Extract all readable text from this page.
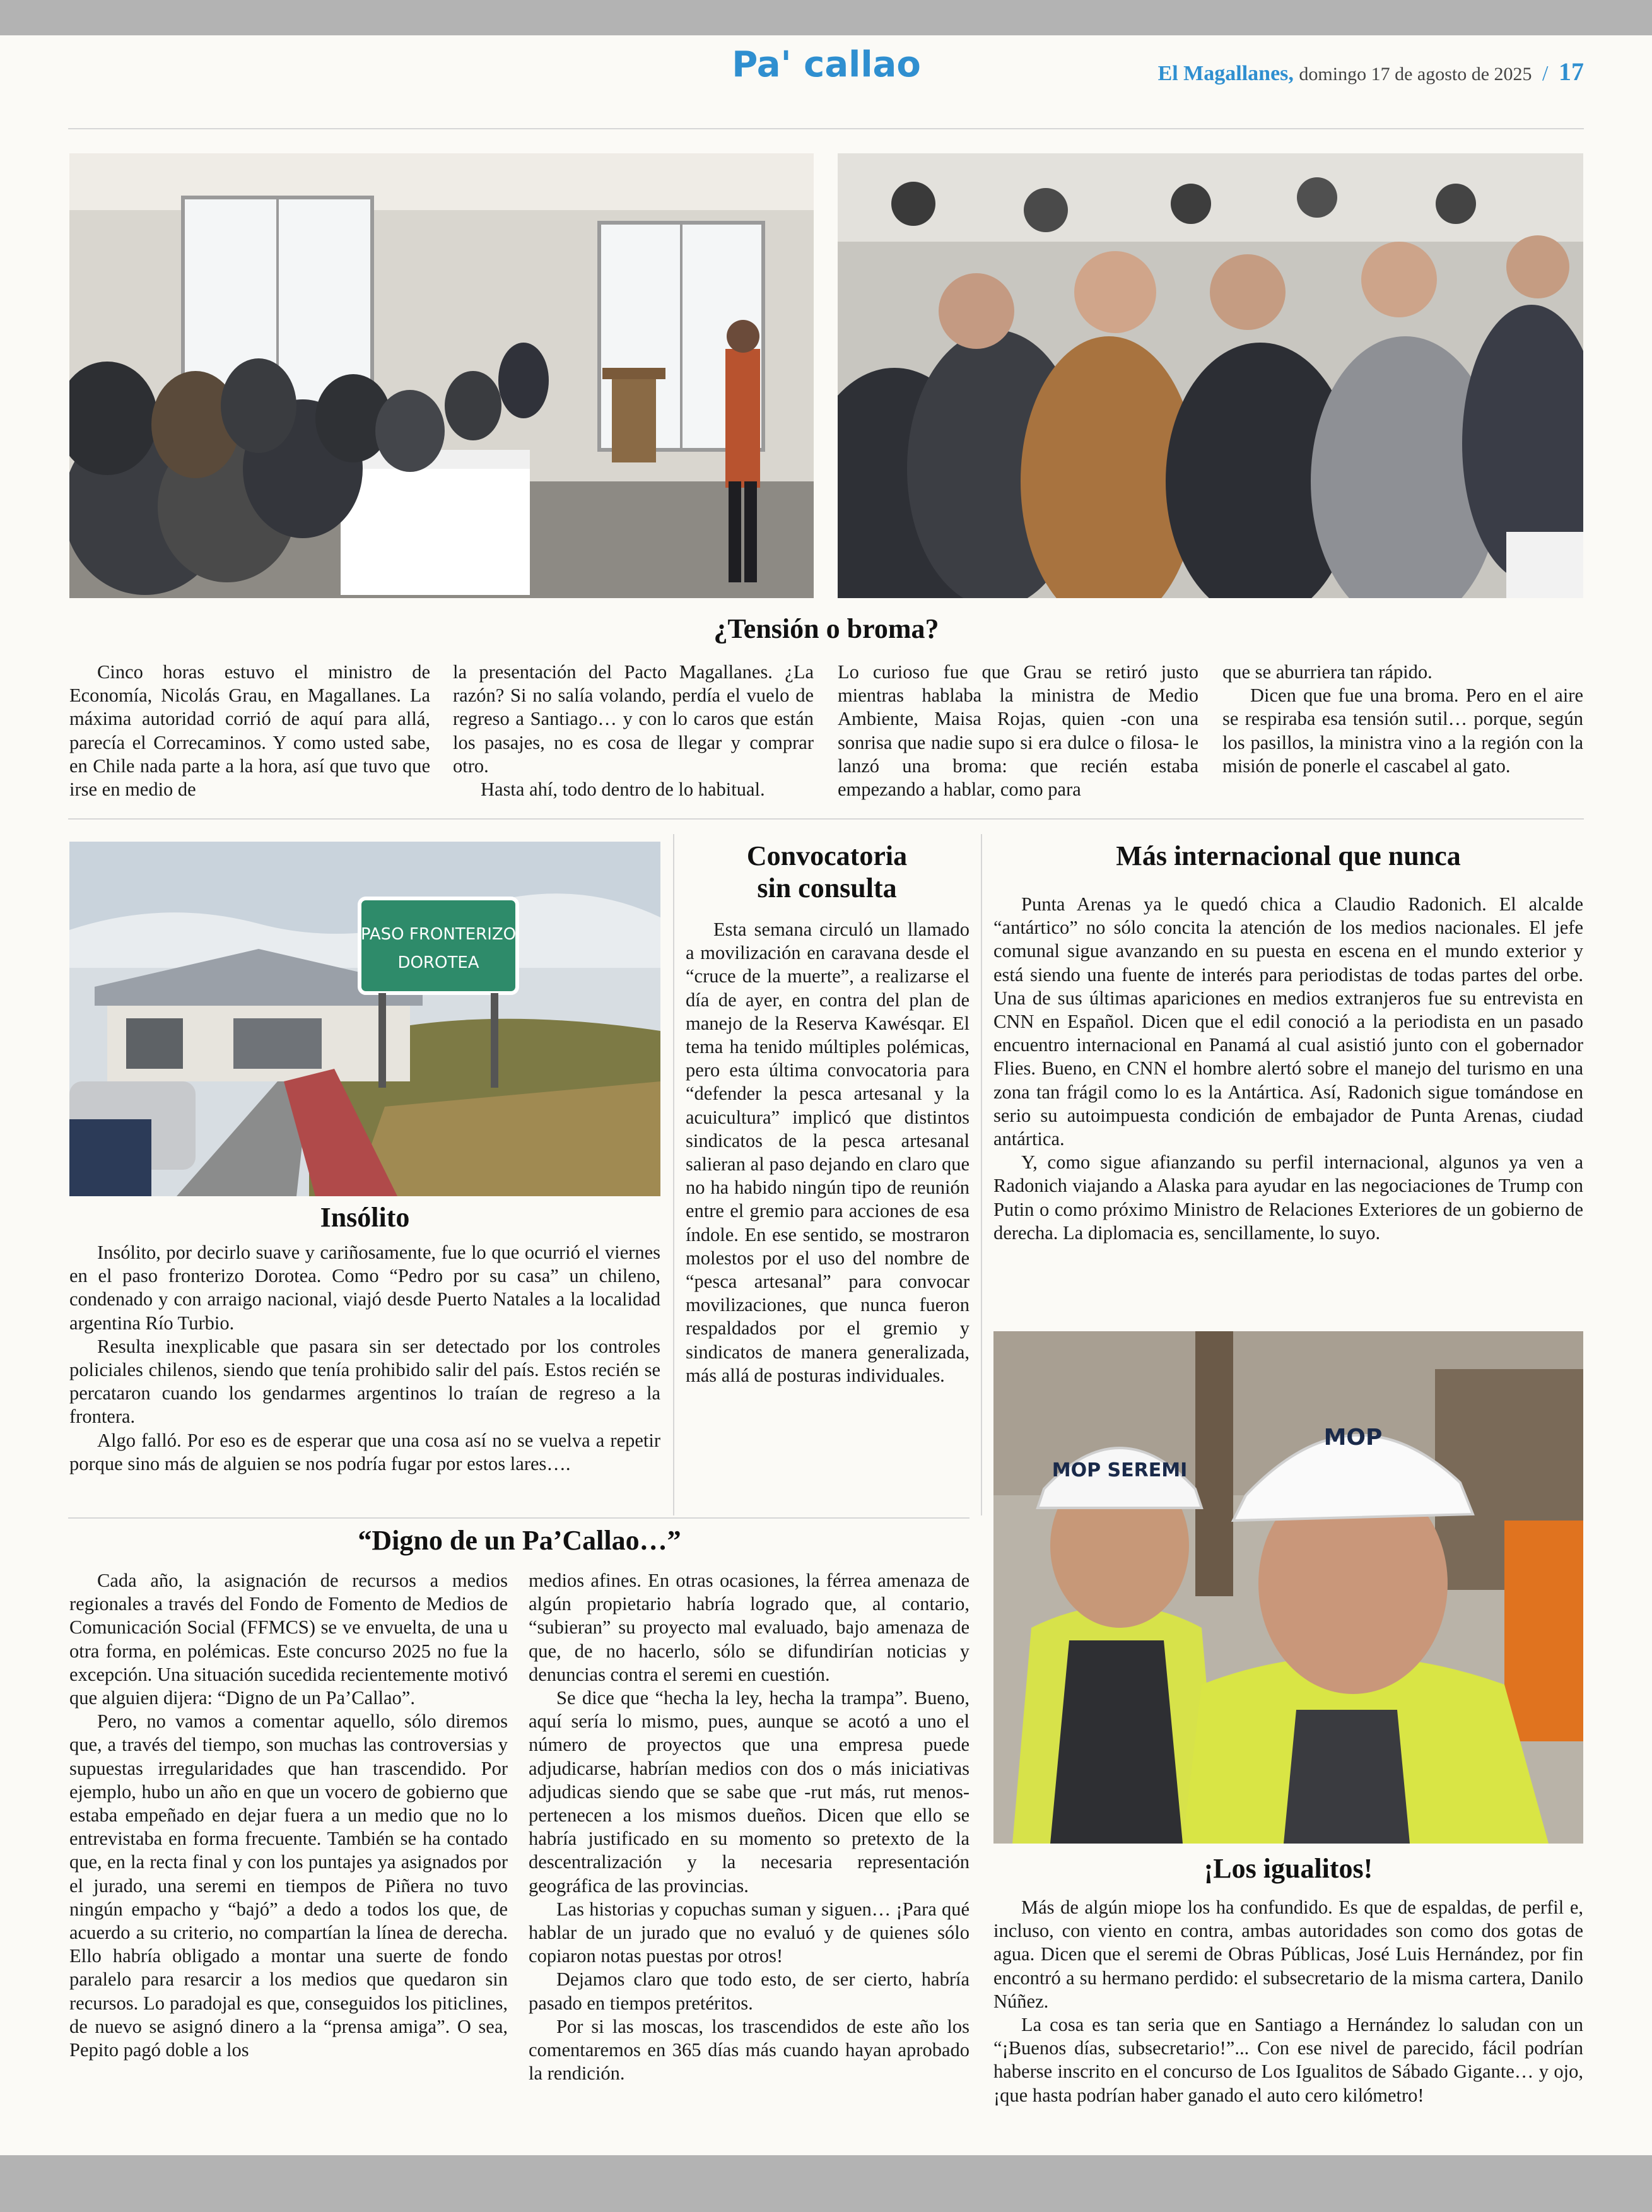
Pa' callao	El Magallanes, domingo 17 de agosto de 2025 / 17
¿Tensión o broma?

Cinco horas estuvo el ministro de Economía, Nicolás Grau, en Magallanes. La máxima autoridad corrió de aquí para allá, parecía el Correcaminos. Y como usted sabe, en Chile nada parte a la hora, así que tuvo que irse en medio de

la presentación del Pacto Magallanes. ¿La razón? Si no salía volando, perdía el vuelo de regreso a Santiago… y con lo caros que están los pasajes, no es cosa de llegar y comprar otro.

Hasta ahí, todo dentro de lo habitual.

Lo curioso fue que Grau se retiró justo mientras hablaba la ministra de Medio Ambiente, Maisa Rojas, quien -con una sonrisa que nadie supo si era dulce o filosa- le lanzó una broma: que recién estaba empezando a hablar, como para

que se aburriera tan rápido.

Dicen que fue una broma. Pero en el aire se respiraba esa tensión sutil… porque, según los pasillos, la ministra vino a la región con la misión de ponerle el cascabel al gato.

PASO FRONTERIZO
DOROTEA
Insólito

Insólito, por decirlo suave y cariñosamente, fue lo que ocurrió el viernes en el paso fronterizo Dorotea. Como “Pedro por su casa” un chileno, condenado y con arraigo nacional, viajó desde Puerto Natales a la localidad argentina Río Turbio.

Resulta inexplicable que pasara sin ser detectado por los controles policiales chilenos, siendo que tenía prohibido salir del país. Estos recién se percataron cuando los gendarmes argentinos lo traían de regreso a la frontera.

Algo falló. Por eso es de esperar que una cosa así no se vuelva a repetir porque sino más de alguien se nos podría fugar por estos lares….

Convocatoria
sin consulta

Esta semana circuló un llamado a movilización en caravana desde el “cruce de la muerte”, a realizarse el día de ayer, en contra del plan de manejo de la Reserva Kawésqar. El tema ha tenido múltiples polémicas, pero esta última convocatoria para “defender la pesca artesanal y la acuicultura” implicó que distintos sindicatos de la pesca artesanal salieran al paso dejando en claro que no ha habido ningún tipo de reunión entre el gremio para acciones de esa índole. En ese sentido, se mostraron molestos por el uso del nombre de “pesca artesanal” para convocar movilizaciones, que nunca fueron respaldados por el gremio y sindicatos de manera generalizada, más allá de posturas individuales.

Más internacional que nunca

Punta Arenas ya le quedó chica a Claudio Radonich. El alcalde “antártico” no sólo concita la atención de los medios nacionales. El jefe comunal sigue avanzando en su puesta en escena en el mundo exterior y está siendo una fuente de interés para periodistas de todas partes del orbe. Una de sus últimas apariciones en medios extranjeros fue su entrevista en CNN en Español. Dicen que el edil conoció a la periodista en un pasado encuentro internacional en Panamá al cual asistió junto con el gobernador Flies. Bueno, en CNN el hombre alertó sobre el manejo del turismo en una zona tan frágil como lo es la Antártica. Así, Radonich sigue tomándose en serio su autoimpuesta condición de embajador de Punta Arenas, ciudad antártica.

Y, como sigue afianzando su perfil internacional, algunos ya ven a Radonich viajando a Alaska para ayudar en las negociaciones de Trump con Putin o como próximo Ministro de Relaciones Exteriores de un gobierno de derecha. La diplomacia es, sencillamente, lo suyo.

MOP SEREMI
MOP
¡Los igualitos!

Más de algún miope los ha confundido. Es que de espaldas, de perfil e, incluso, con viento en contra, ambas autoridades son como dos gotas de agua. Dicen que el seremi de Obras Públicas, José Luis Hernández, por fin encontró a su hermano perdido: el subsecretario de la misma cartera, Danilo Núñez.

La cosa es tan seria que en Santiago a Hernández lo saludan con un “¡Buenos días, subsecretario!”... Con ese nivel de parecido, fácil podrían haberse inscrito en el concurso de Los Igualitos de Sábado Gigante… y ojo, ¡que hasta podrían haber ganado el auto cero kilómetro!

“Digno de un Pa’Callao…”

Cada año, la asignación de recursos a medios regionales a través del Fondo de Fomento de Medios de Comunicación Social (FFMCS) se ve envuelta, de una u otra forma, en polémicas. Este concurso 2025 no fue la excepción. Una situación sucedida recientemente motivó que alguien dijera: “Digno de un Pa’Callao”.

Pero, no vamos a comentar aquello, sólo diremos que, a través del tiempo, son muchas las controversias y supuestas irregularidades que han trascendido. Por ejemplo, hubo un año en que un vocero de gobierno que estaba empeñado en dejar fuera a un medio que no lo entrevistaba en forma frecuente. También se ha contado que, en la recta final y con los puntajes ya asignados por el jurado, una seremi en tiempos de Piñera no tuvo ningún empacho y “bajó” a dedo a todos los que, de acuerdo a su criterio, no compartían la línea de derecha. Ello habría obligado a montar una suerte de fondo paralelo para resarcir a los medios que quedaron sin recursos. Lo paradojal es que, conseguidos los piticlines, de nuevo se asignó dinero a la “prensa amiga”. O sea, Pepito pagó doble a los

medios afines. En otras ocasiones, la férrea amenaza de algún propietario habría logrado que, al contario, “subieran” su proyecto mal evaluado, bajo amenaza de que, de no hacerlo, sólo se difundirían noticias y denuncias contra el seremi en cuestión.

Se dice que “hecha la ley, hecha la trampa”. Bueno, aquí sería lo mismo, pues, aunque se acotó a uno el número de proyectos que una empresa puede adjudicarse, habrían medios con dos o más iniciativas adjudicas siendo que se sabe que -rut más, rut menos- pertenecen a los mismos dueños. Dicen que ello se habría justificado en su momento so pretexto de la descentralización y la necesaria representación geográfica de las provincias.

Las historias y copuchas suman y siguen… ¡Para qué hablar de un jurado que no evaluó y de quienes sólo copiaron notas puestas por otros!

Dejamos claro que todo esto, de ser cierto, habría pasado en tiempos pretéritos.

Por si las moscas, los trascendidos de este año los comentaremos en 365 días más cuando hayan aprobado la rendición.
